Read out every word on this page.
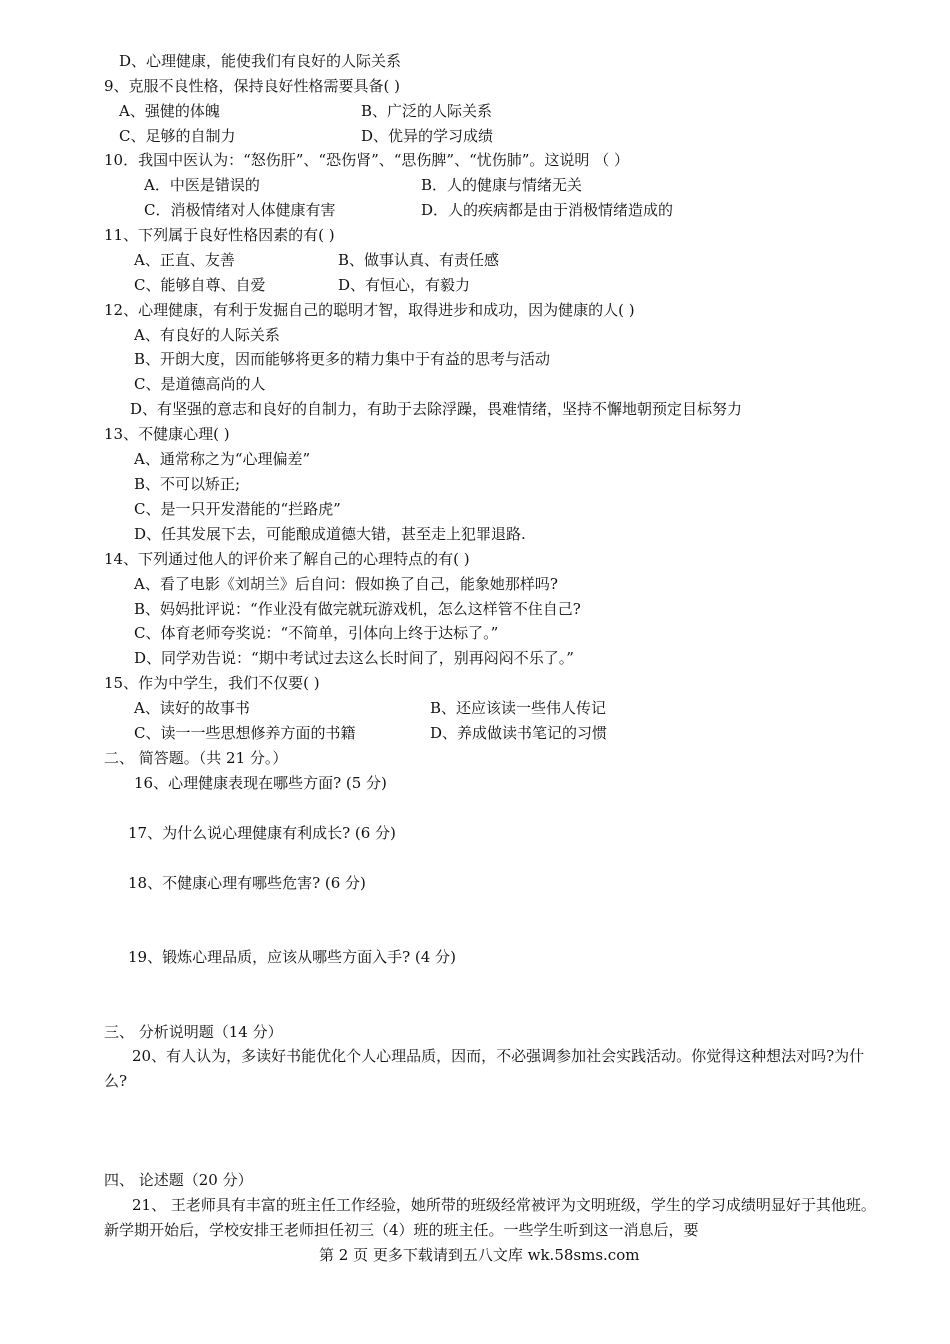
D、心理健康，能使我们有良好的人际关系
9、克服不良性格，保持良好性格需要具备( )
A、强健的体魄	B、广泛的人际关系
C、足够的自制力	D、优异的学习成绩
10．我国中医认为：“怒伤肝”、“恐伤肾”、“思伤脾”、“忧伤肺”。这说明 （ ）
A．中医是错误的	B．人的健康与情绪无关
C．消极情绪对人体健康有害	D．人的疾病都是由于消极情绪造成的
11、下列属于良好性格因素的有( )
A、正直、友善	B、做事认真、有责任感
C、能够自尊、自爱	D、有恒心，有毅力
12、心理健康，有利于发掘自己的聪明才智，取得进步和成功，因为健康的人( )
A、有良好的人际关系
B、开朗大度，因而能够将更多的精力集中于有益的思考与活动
C、是道德高尚的人
D、有坚强的意志和良好的自制力，有助于去除浮躁，畏难情绪，坚持不懈地朝预定目标努力
13、不健康心理( )
A、通常称之为“心理偏差”
B、不可以矫正;
C、是一只开发潜能的“拦路虎”
D、任其发展下去，可能酿成道德大错，甚至走上犯罪退路.
14、下列通过他人的评价来了解自己的心理特点的有( )
A、看了电影《刘胡兰》后自问：假如换了自己，能象她那样吗?
B、妈妈批评说：“作业没有做完就玩游戏机，怎么这样管不住自己?
C、体育老师夸奖说：“不简单，引体向上终于达标了。”
D、同学劝告说：“期中考试过去这么长时间了，别再闷闷不乐了。”
15、作为中学生，我们不仅要( )
A、读好的故事书	B、还应该读一些伟人传记
C、读一一些思想修养方面的书籍	D、养成做读书笔记的习惯
二、 简答题。（共 21 分。）
16、心理健康表现在哪些方面? (5 分)
17、为什么说心理健康有利成长? (6 分)
18、不健康心理有哪些危害? (6 分)
19、锻炼心理品质，应该从哪些方面入手? (4 分)
三、 分析说明题（14 分）
20、有人认为，多读好书能优化个人心理品质，因而，不必强调参加社会实践活动。你觉得这种想法对吗?为什么?
四、 论述题（20 分）
21、 王老师具有丰富的班主任工作经验，她所带的班级经常被评为文明班级，学生的学习成绩明显好于其他班。新学期开始后，学校安排王老师担任初三（4）班的班主任。一些学生听到这一消息后，要
第 2 页 更多下载请到五八文库 wk.58sms.com
